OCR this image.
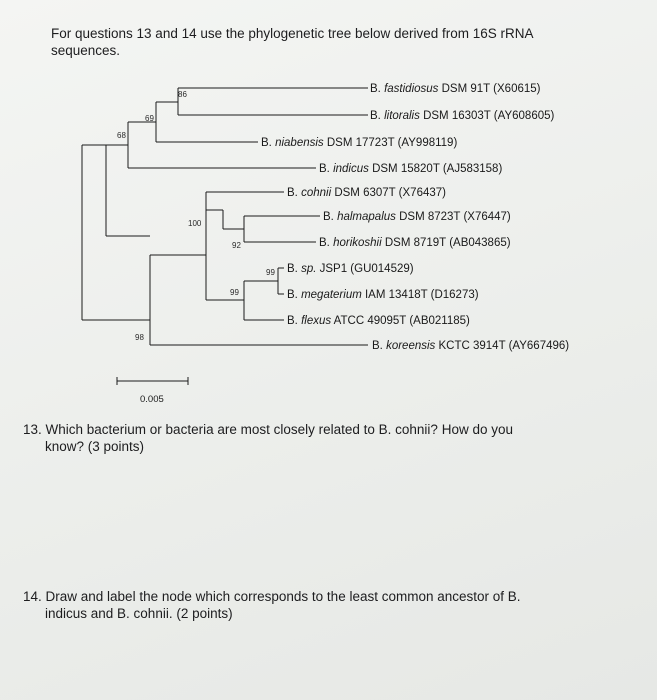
For questions 13 and 14 use the phylogenetic tree below derived from 16S rRNA
sequences.
86
69
68
100
92
99
99
98
B. fastidiosus DSM 91T (X60615)
B. litoralis DSM 16303T (AY608605)
B. niabensis DSM 17723T (AY998119)
B. indicus DSM 15820T (AJ583158)
B. cohnii DSM 6307T (X76437)
B. halmapalus DSM 8723T (X76447)
B. horikoshii DSM 8719T (AB043865)
B. sp. JSP1 (GU014529)
B. megaterium IAM 13418T (D16273)
B. flexus ATCC 49095T (AB021185)
B. koreensis KCTC 3914T (AY667496)
0.005
13. Which bacterium or bacteria are most closely related to B. cohnii? How do you
know? (3 points)
14. Draw and label the node which corresponds to the least common ancestor of B.
indicus and B. cohnii. (2 points)
